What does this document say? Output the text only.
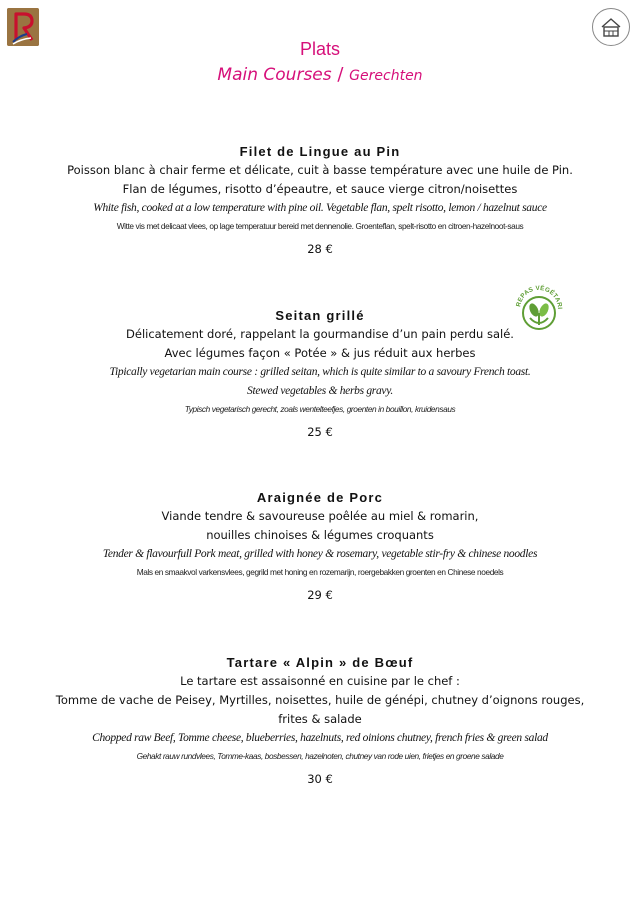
Plats
Main Courses / Gerechten
REPAS VÉGÉTARI
Filet de Lingue au Pin
Poisson blanc à chair ferme et délicate, cuit à basse température avec une huile de Pin.
Flan de légumes, risotto d’épeautre, et sauce vierge citron/noisettes
White fish, cooked at a low temperature with pine oil. Vegetable flan, spelt risotto, lemon / hazelnut sauce
Witte vis met delicaat vlees, op lage temperatuur bereid met dennenolie. Groenteflan, spelt-risotto en citroen-hazelnoot-saus
28 €
Seitan grillé
Délicatement doré, rappelant la gourmandise d’un pain perdu salé.
Avec légumes façon « Potée » & jus réduit aux herbes
Tipically vegetarian main course : grilled seitan, which is quite similar to a savoury French toast.
Stewed vegetables & herbs gravy.
Typisch vegetarisch gerecht, zoals wentelteefjes, groenten in bouillon, kruidensaus
25 €
Araignée de Porc
Viande tendre & savoureuse poêlée au miel & romarin,
nouilles chinoises & légumes croquants
Tender & flavourfull Pork meat, grilled with honey & rosemary, vegetable stir-fry & chinese noodles
Mals en smaakvol varkensvlees, gegrild met honing en rozemarijn, roergebakken groenten en Chinese noedels
29 €
Tartare « Alpin » de Bœuf
Le tartare est assaisonné en cuisine par le chef :
Tomme de vache de Peisey, Myrtilles, noisettes, huile de génépi, chutney d’oignons rouges,
frites & salade
Chopped raw Beef, Tomme cheese, blueberries, hazelnuts, red oinions chutney, french fries & green salad
Gehakt rauw rundvlees, Tomme-kaas, bosbessen, hazelnoten, chutney van rode uien, frietjes en groene salade
30 €
